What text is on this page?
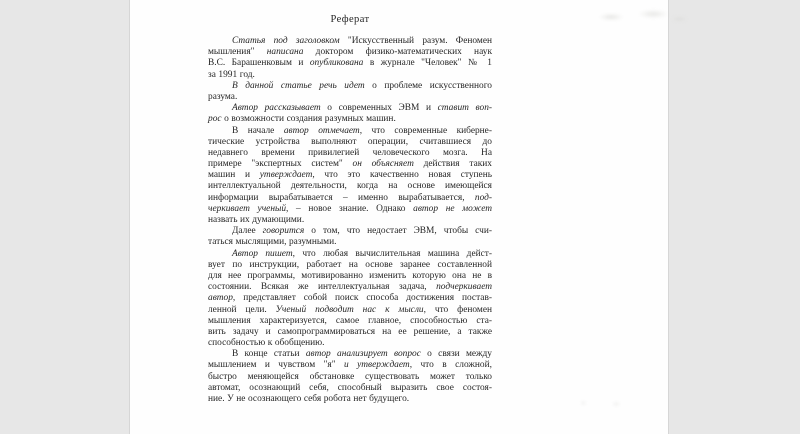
Реферат
Статья под заголовком "Искусственный разум. Феномен
мышления" написана доктором физико-математических наук
В.С. Барашенковым и опубликована в журнале "Человек" № 1
за 1991 год.
В данной статье речь идет о проблеме искусственного
разума.
Автор рассказывает о современных ЭВМ и ставит воп-
рос о возможности создания разумных машин.
В начале автор отмечает, что современные киберне-
тические устройства выполняют операции, считавшиеся до
недавнего времени привилегией человеческого мозга. На
примере "экспертных систем" он объясняет действия таких
машин и утверждает, что это качественно новая ступень
интеллектуальной деятельности, когда на основе имеющейся
информации вырабатывается – именно вырабатывается, под-
черкивает ученый, – новое знание. Однако автор не может
назвать их думающими.
Далее говорится о том, что недостает ЭВМ, чтобы счи-
таться мыслящими, разумными.
Автор пишет, что любая вычислительная машина дейст-
вует по инструкции, работает на основе заранее составленной
для нее программы, мотивированно изменить которую она не в
состоянии. Всякая же интеллектуальная задача, подчеркивает
автор, представляет собой поиск способа достижения постав-
ленной цели. Ученый подводит нас к мысли, что феномен
мышления характеризуется, самое главное, способностью ста-
вить задачу и самопрограммироваться на ее решение, а также
способностью к обобщению.
В конце статьи автор анализирует вопрос о связи между
мышлением и чувством "я" и утверждает, что в сложной,
быстро меняющейся обстановке существовать может только
автомат, осознающий себя, способный выразить свое состоя-
ние. У не осознающего себя робота нет будущего.
